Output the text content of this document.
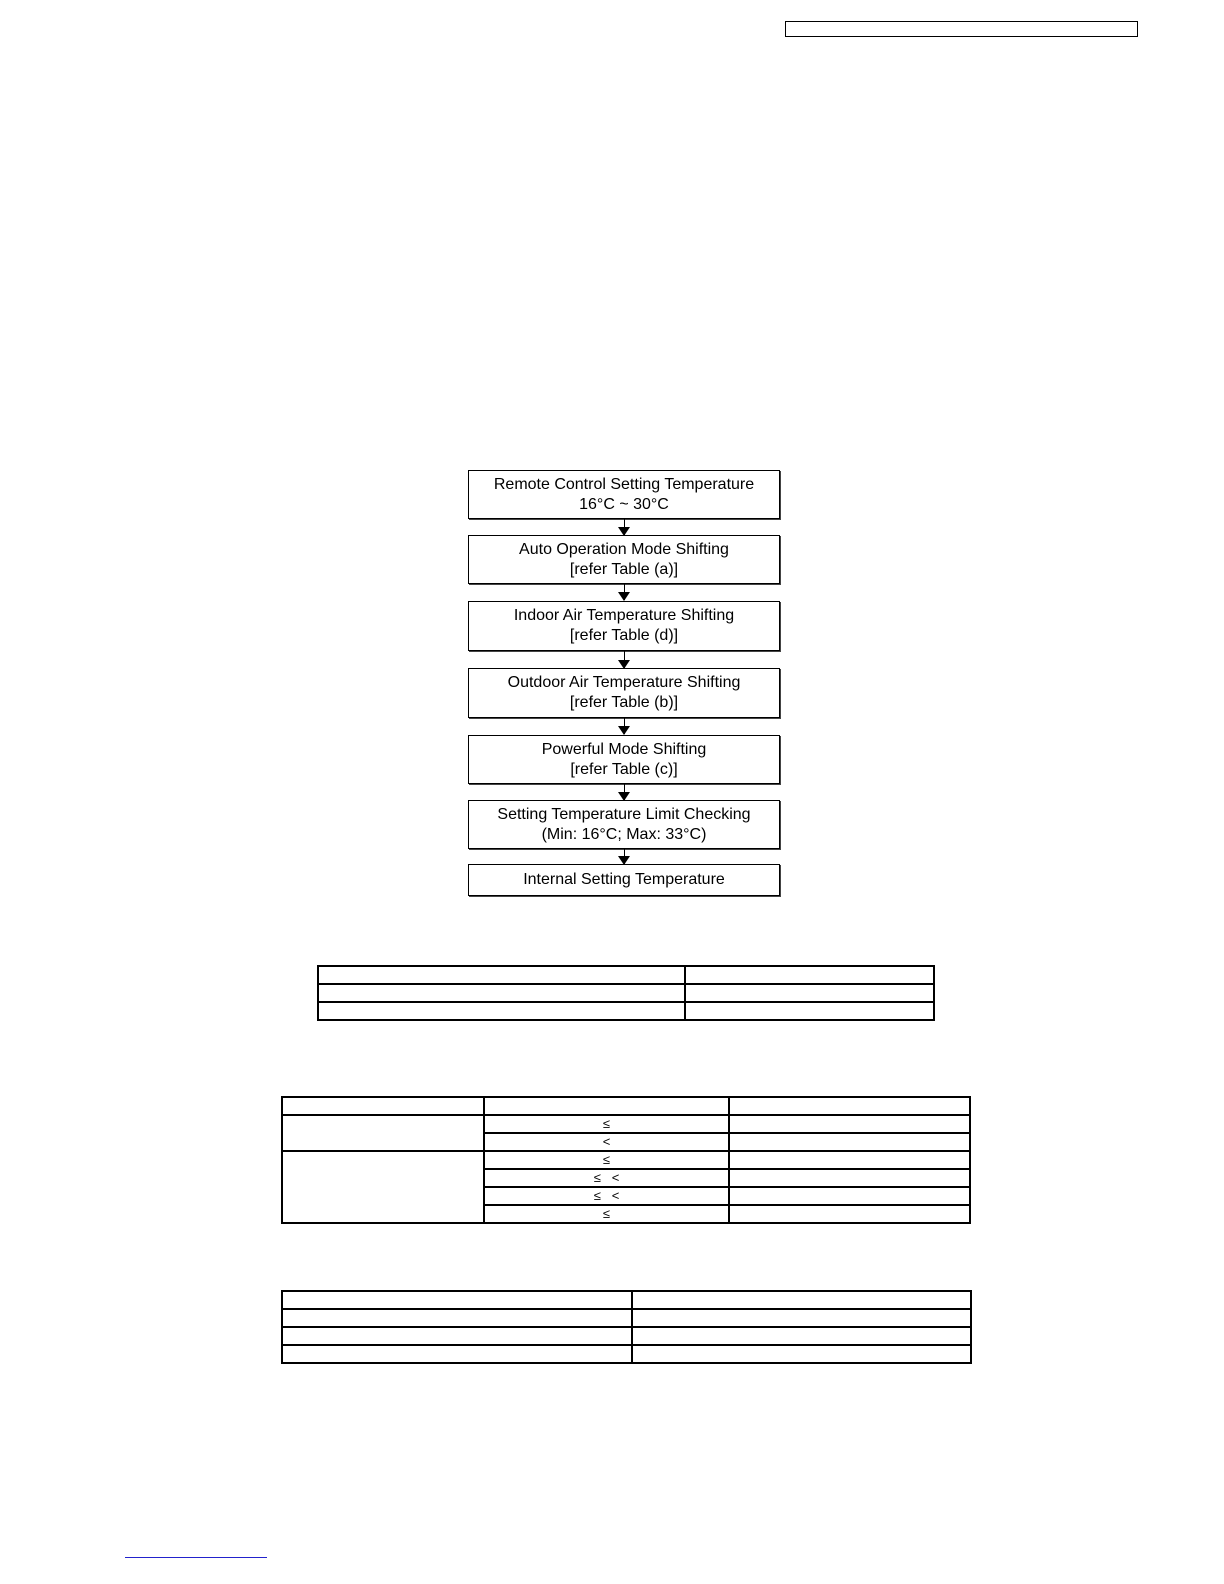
Remote Control Setting Temperature
16°C ~ 30°C
Auto Operation Mode Shifting
[refer Table (a)]
Indoor Air Temperature Shifting
[refer Table (d)]
Outdoor Air Temperature Shifting
[refer Table (b)]
Powerful Mode Shifting
[refer Table (c)]
Setting Temperature Limit Checking
(Min: 16°C; Max: 33°C)
Internal Setting Temperature

	≤	
	<	
	≤	
	≤   <	
	≤   <	
	≤	
